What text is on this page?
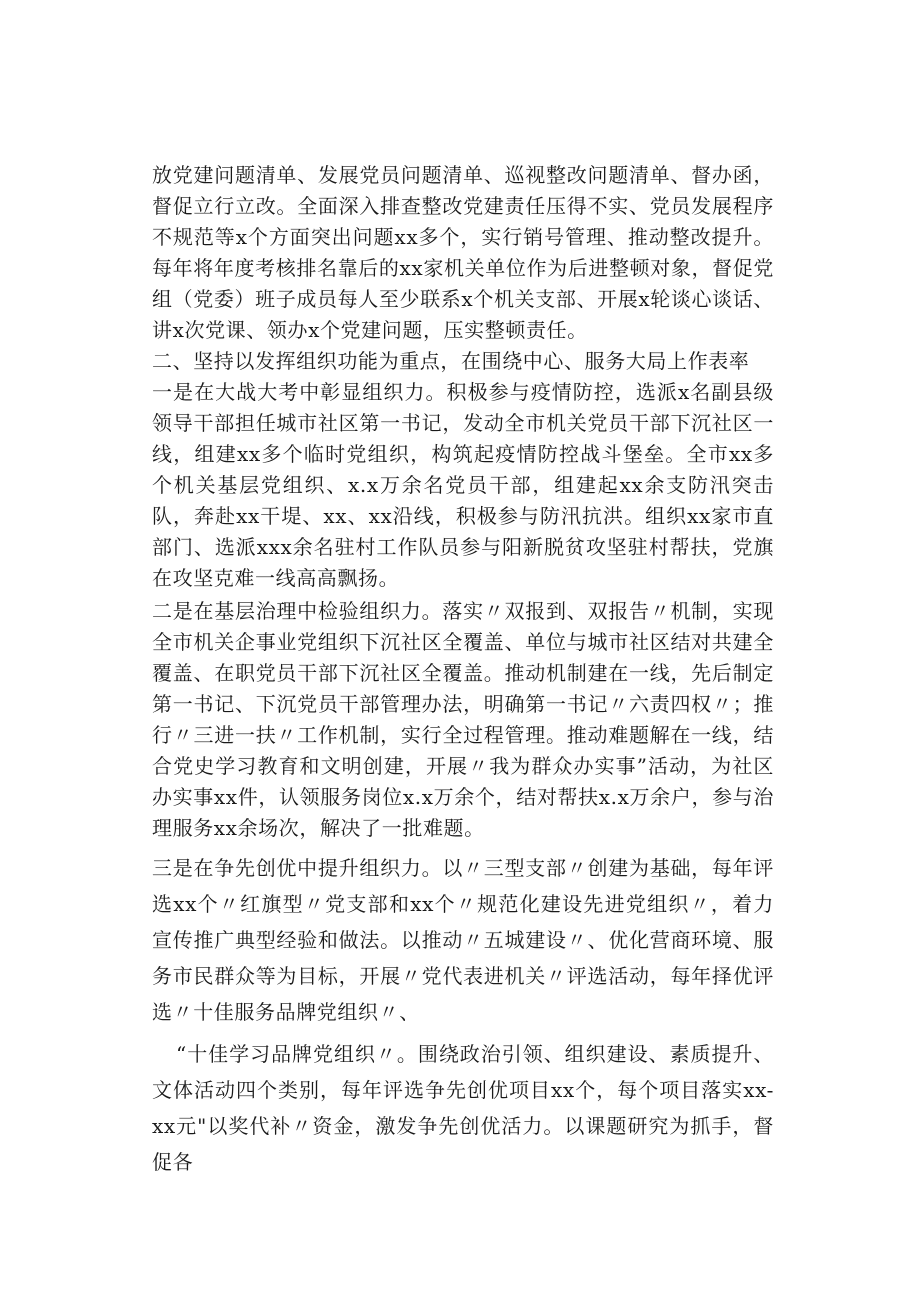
放党建问题清单、发展党员问题清单、巡视整改问题清单、督办函，督促立行立改。全面深入排查整改党建责任压得不实、党员发展程序不规范等x个方面突出问题xx多个，实行销号管理、推动整改提升。每年将年度考核排名靠后的xx家机关单位作为后进整顿对象，督促党组（党委）班子成员每人至少联系x个机关支部、开展x轮谈心谈话、讲x次党课、领办x个党建问题，压实整顿责任。

二、坚持以发挥组织功能为重点，在围绕中心、服务大局上作表率

一是在大战大考中彰显组织力。积极参与疫情防控，选派x名副县级领导干部担任城市社区第一书记，发动全市机关党员干部下沉社区一线，组建xx多个临时党组织，构筑起疫情防控战斗堡垒。全市xx多个机关基层党组织、x.x万余名党员干部，组建起xx余支防汛突击队，奔赴xx干堤、xx、xx沿线，积极参与防汛抗洪。组织xx家市直部门、选派xxx余名驻村工作队员参与阳新脱贫攻坚驻村帮扶，党旗在攻坚克难一线高高飘扬。

二是在基层治理中检验组织力。落实〃双报到、双报告〃机制，实现全市机关企事业党组织下沉社区全覆盖、单位与城市社区结对共建全覆盖、在职党员干部下沉社区全覆盖。推动机制建在一线，先后制定第一书记、下沉党员干部管理办法，明确第一书记〃六责四权〃；推行〃三进一扶〃工作机制，实行全过程管理。推动难题解在一线，结合党史学习教育和文明创建，开展〃我为群众办实事”活动，为社区办实事xx件，认领服务岗位x.x万余个，结对帮扶x.x万余户，参与治理服务xx余场次，解决了一批难题。

三是在争先创优中提升组织力。以〃三型支部〃创建为基础，每年评选xx个〃红旗型〃党支部和xx个〃规范化建设先进党组织〃，着力宣传推广典型经验和做法。以推动〃五城建设〃、优化营商环境、服务市民群众等为目标，开展〃党代表进机关〃评选活动，每年择优评选〃十佳服务品牌党组织〃、

“十佳学习品牌党组织〃。围绕政治引领、组织建设、素质提升、文体活动四个类别，每年评选争先创优项目xx个，每个项目落实xx-xx元"以奖代补〃资金，激发争先创优活力。以课题研究为抓手，督促各
